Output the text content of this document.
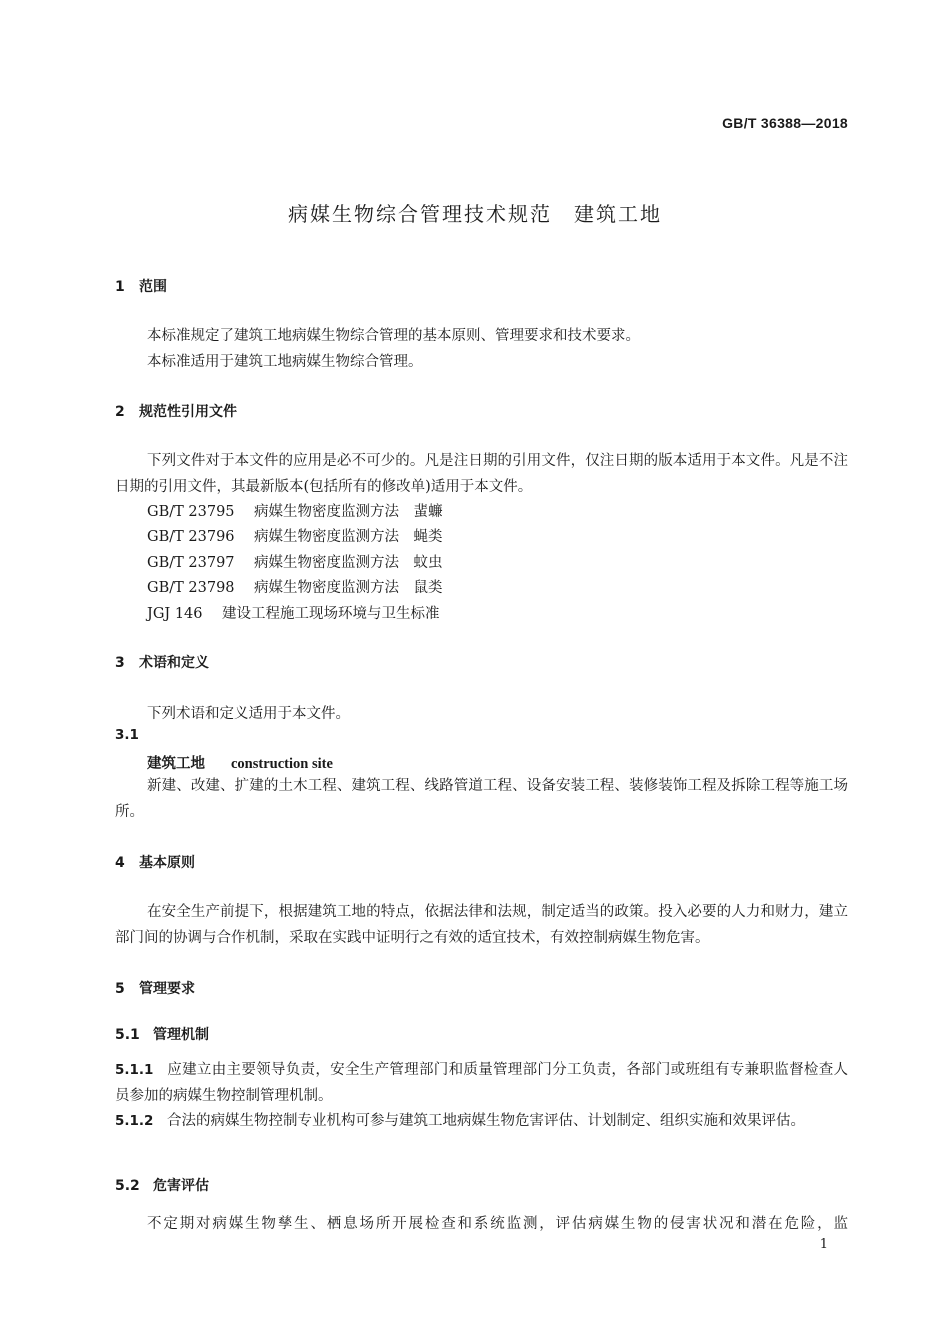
GB/T 36388—2018
病媒生物综合管理技术规范　建筑工地
1 范围
本标准规定了建筑工地病媒生物综合管理的基本原则、管理要求和技术要求。
本标准适用于建筑工地病媒生物综合管理。
2 规范性引用文件
下列文件对于本文件的应用是必不可少的。凡是注日期的引用文件，仅注日期的版本适用于本文件。凡是不注日期的引用文件，其最新版本(包括所有的修改单)适用于本文件。
GB/T 23795 病媒生物密度监测方法　蜚蠊
GB/T 23796 病媒生物密度监测方法　蝇类
GB/T 23797 病媒生物密度监测方法　蚊虫
GB/T 23798 病媒生物密度监测方法　鼠类
JGJ 146 建设工程施工现场环境与卫生标准
3 术语和定义
下列术语和定义适用于本文件。
3.1
建筑工地 construction site
新建、改建、扩建的土木工程、建筑工程、线路管道工程、设备安装工程、装修装饰工程及拆除工程等施工场所。
4 基本原则
在安全生产前提下，根据建筑工地的特点，依据法律和法规，制定适当的政策。投入必要的人力和财力，建立部门间的协调与合作机制，采取在实践中证明行之有效的适宜技术，有效控制病媒生物危害。
5 管理要求
5.1 管理机制
5.1.1 应建立由主要领导负责，安全生产管理部门和质量管理部门分工负责，各部门或班组有专兼职监督检查人员参加的病媒生物控制管理机制。
5.1.2 合法的病媒生物控制专业机构可参与建筑工地病媒生物危害评估、计划制定、组织实施和效果评估。
5.2 危害评估
不定期对病媒生物孳生、栖息场所开展检查和系统监测，评估病媒生物的侵害状况和潜在危险，监
1
